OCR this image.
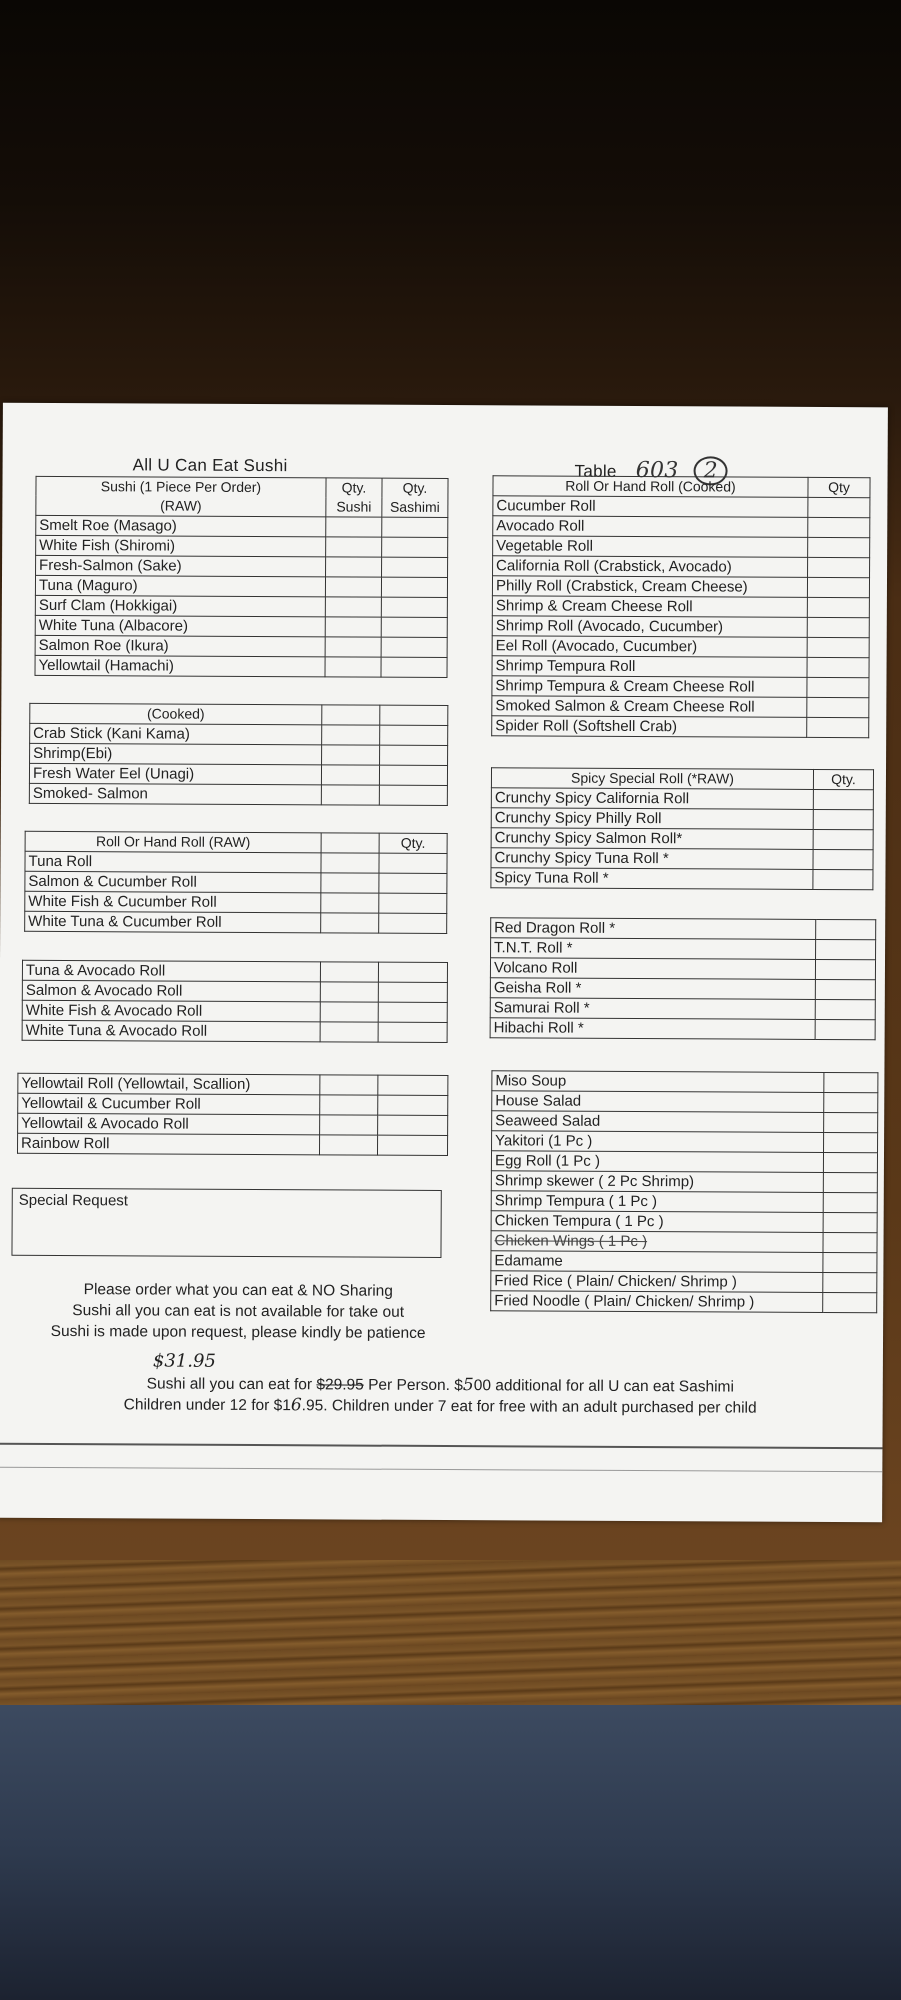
All U Can Eat Sushi	Table 603 2
Sushi (1 Piece Per Order)	Qty.	Qty.
(RAW)	Sushi	Sashimi
Smelt Roe (Masago)		
White Fish (Shiromi)		
Fresh-Salmon (Sake)		
Tuna (Maguro)		
Surf Clam (Hokkigai)		
White Tuna (Albacore)		
Salmon Roe (Ikura)		
Yellowtail (Hamachi)		
(Cooked)		
Crab Stick (Kani Kama)		
Shrimp(Ebi)		
Fresh Water Eel (Unagi)		
Smoked- Salmon		
Roll Or Hand Roll (RAW)		Qty.
Tuna Roll		
Salmon & Cucumber Roll		
White Fish & Cucumber Roll		
White Tuna & Cucumber Roll		
Tuna & Avocado Roll		
Salmon & Avocado Roll		
White Fish & Avocado Roll		
White Tuna & Avocado Roll		
Yellowtail Roll (Yellowtail, Scallion)		
Yellowtail & Cucumber Roll		
Yellowtail & Avocado Roll		
Rainbow Roll		
Special Request
Please order what you can eat & NO Sharing
Sushi all you can eat is not available for take out
Sushi is made upon request, please kindly be patience
Roll Or Hand Roll (Cooked)	Qty
Cucumber Roll	
Avocado Roll	
Vegetable Roll	
California Roll (Crabstick, Avocado)	
Philly Roll (Crabstick, Cream Cheese)	
Shrimp & Cream Cheese Roll	
Shrimp Roll (Avocado, Cucumber)	
Eel Roll (Avocado, Cucumber)	
Shrimp Tempura Roll	
Shrimp Tempura & Cream Cheese Roll	
Smoked Salmon & Cream Cheese Roll	
Spider Roll (Softshell Crab)	
Spicy Special Roll (*RAW)	Qty.
Crunchy Spicy California Roll	
Crunchy Spicy Philly Roll	
Crunchy Spicy Salmon Roll*	
Crunchy Spicy Tuna Roll *	
Spicy Tuna Roll *	
Red Dragon Roll *	
T.N.T. Roll *	
Volcano Roll	
Geisha Roll *	
Samurai Roll *	
Hibachi Roll *	
Miso Soup	
House Salad	
Seaweed Salad	
Yakitori (1 Pc )	
Egg Roll (1 Pc )	
Shrimp skewer ( 2 Pc Shrimp)	
Shrimp Tempura ( 1 Pc )	
Chicken Tempura ( 1 Pc )	
Chicken Wings ( 1 Pc )	
Edamame	
Fried Rice ( Plain/ Chicken/ Shrimp )	
Fried Noodle ( Plain/ Chicken/ Shrimp )	
$31.95
Sushi all you can eat for $29.95 Per Person. $500 additional for all U can eat Sashimi
Children under 12 for $16.95. Children under 7 eat for free with an adult purchased per child
